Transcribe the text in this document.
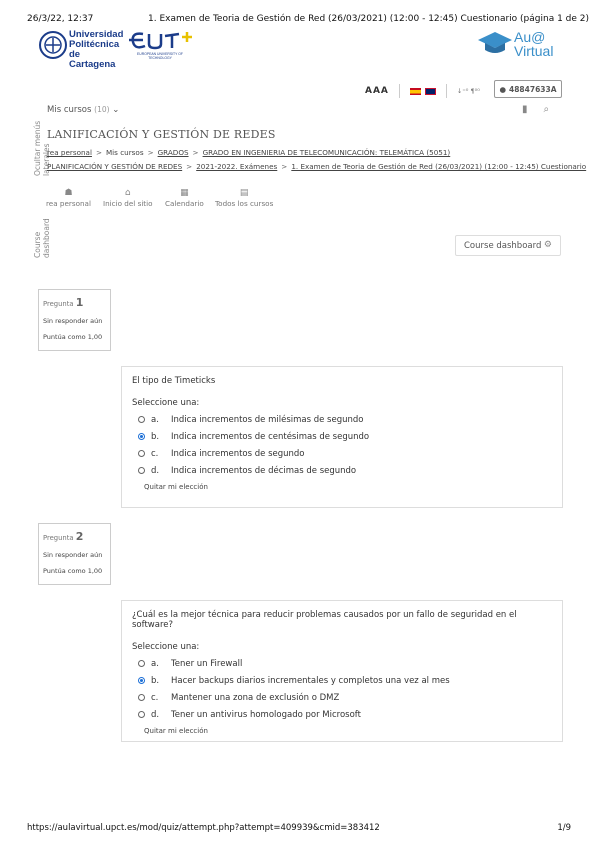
26/3/22, 12:37	1. Examen de Teoria de Gestión de Red (26/03/2021) (12:00 - 12:45) Cuestionario (página 1 de 2)
https://aulavirtual.upct.es/mod/quiz/attempt.php?attempt=409939&cmid=383412	1/9
Universidad
Politécnica
de Cartagena
EUROPEAN UNIVERSITY OF TECHNOLOGY
Au@
Virtual
AAA	↓⁼⁰ ¶⁰⁰	● 48847633A
Ocultar menús laterales
Course dashboard
Mis cursos (10) ⌄	▮ ⌕
LANIFICACIÓN Y GESTIÓN DE REDES
rea personal > Mis cursos > GRADOS > GRADO EN INGENIERIA DE TELECOMUNICACIÓN: TELEMÁTICA (5051)
PLANIFICACIÓN Y GESTIÓN DE REDES > 2021-2022. Exámenes > 1. Examen de Teoria de Gestión de Red (26/03/2021) (12:00 - 12:45) Cuestionario
☗
rea personal
⌂
Inicio del sitio
▦
Calendario
▤
Todos los cursos
Course dashboard ⚙
Pregunta 1
Sin responder aún
Puntúa como 1,00
El tipo de Timeticks
Seleccione una:
a.	Indica incrementos de milésimas de segundo
b.	Indica incrementos de centésimas de segundo
c.	Indica incrementos de segundo
d.	Indica incrementos de décimas de segundo
Quitar mi elección
Pregunta 2
Sin responder aún
Puntúa como 1,00
¿Cuál es la mejor técnica para reducir problemas causados por un fallo de seguridad en el software?
Seleccione una:
a.	Tener un Firewall
b.	Hacer backups diarios incrementales y completos una vez al mes
c.	Mantener una zona de exclusión o DMZ
d.	Tener un antivirus homologado por Microsoft
Quitar mi elección
